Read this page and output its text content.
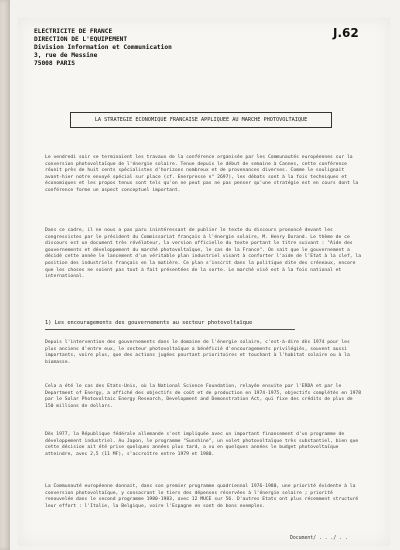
ELECTRICITE DE FRANCE
DIRECTION DE L'EQUIPEMENT
Division Information et Communication
3, rue de Messine
75008 PARIS
J.62
LA STRATEGIE ECONOMIQUE FRANCAISE APPLIQUEE AU MARCHE PHOTOVOLTAIQUE
Le vendredi soir se terminaient les travaux de la conférence organisée par les Communautés européennes sur la conversion photovoltaïque de l'énergie solaire. Tenue depuis le début de semaine à Cannes, cette conférence réunit près de huit cents spécialistes d'horizons nombreux et de provenances diverses. Comme le soulignait avant-hier notre envoyé spécial sur place (cf. Enerpresse n° 2697), les débats sont à la fois techniques et économiques et les propos tenus sont tels qu'on ne peut pas ne pas penser qu'une stratégie est en cours dont la conférence forme un aspect conceptuel important.
Dans ce cadre, il ne nous a pas paru inintéressant de publier le texte du discours prononcé devant les congressistes par le président du Commissariat français à l'énergie solaire, M. Henry Durand. Le thème de ce discours est un document très révélateur, la version officielle du texte portant le titre suivant : "Aide des gouvernements et développement du marché photovoltaïque, le cas de la France". On sait que le gouvernement a décidé cette année le lancement d'un véritable plan industriel visant à conforter l'aide de l'Etat à la clef, la position des industriels français en la matière. Ce plan s'inscrit dans la politique dite des créneaux, encore que les choses ne soient pas tout à fait présentées de la sorte. Le marché visé est à la fois national et international.
1) Les encouragements des gouvernements au secteur photovoltaïque
Depuis l'intervention des gouvernements dans le domaine de l'énergie solaire, c'est-à-dire dès 1974 pour les plus anciens d'entre eux, le secteur photovoltaïque a bénéficié d'encouragements privilégiés, souvent aussi importants, voire plus, que des actions jugées pourtant prioritaires et touchant à l'habitat solaire ou à la biomasse.
Cela a été le cas des Etats-Unis, où la National Science Foundation, relayée ensuite par l'ERDA et par le Department of Energy, a affiché des objectifs de coût et de production en 1974-1975, objectifs complétés en 1978 par le Solar Photovoltaic Energy Research, Development and Demonstration Act, qui fixe des crédits de plus de 150 millions de dollars.
Dès 1977, la République fédérale allemande s'est impliquée avec un important financement d'un programme de développement industriel. Au Japon, le programme "Sunshine", un volet photovoltaïque très substantiel, bien que cette décision ait été prise quelques années plus tard, a vu en quelques années le budget photovoltaïque atteindre, avec 2,5 (11 MF), s'accroître entre 1979 et 1980.
La Communauté européenne donnait, dans son premier programme quadriennal 1976-1980, une priorité évidente à la conversion photovoltaïque, y consacrant le tiers des dépenses réservées à l'énergie solaire ; priorité renouvelée dans le second programme 1980-1983, avec 12 MUCE sur 56. D'autres Etats ont plus récemment structuré leur effort : l'Italie, la Belgique, voire l'Espagne en sont de bons exemples.
Document/ . . ./ . .
